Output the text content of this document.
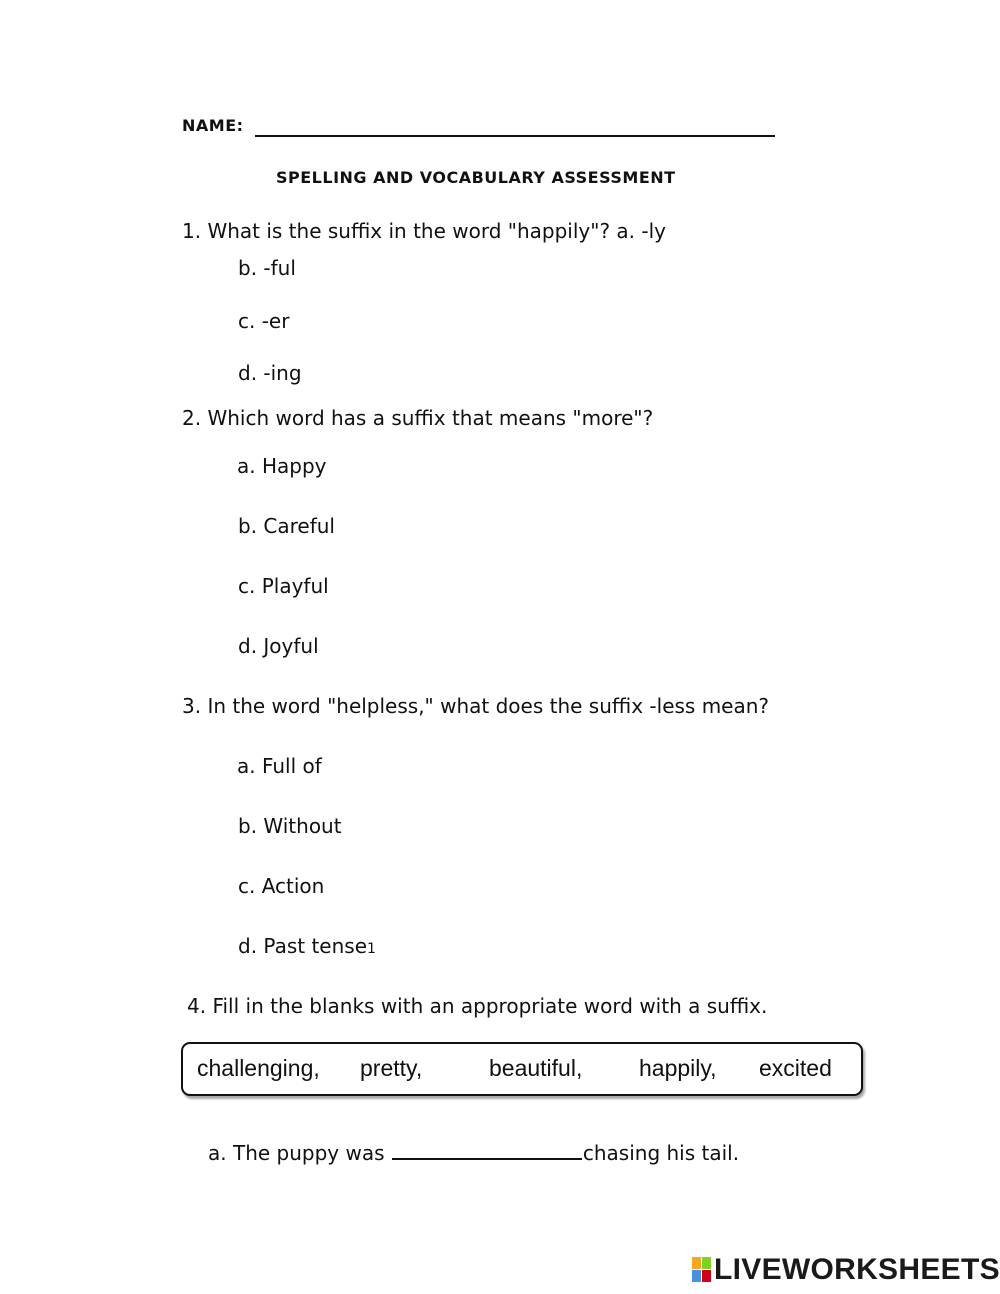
NAME:
SPELLING AND VOCABULARY ASSESSMENT
1. What is the suffix in the word "happily"? a. -ly
b. -ful
c. -er
d. -ing
2. Which word has a suffix that means "more"?
a. Happy
b. Careful
c. Playful
d. Joyful
3. In the word "helpless," what does the suffix -less mean?
a. Full of
b. Without
c. Action
d. Past tense1
4. Fill in the blanks with an appropriate word with a suffix.
challenging, pretty,	beautiful, happily, excited
a. The puppy was	chasing his tail.
LIVEWORKSHEETS
